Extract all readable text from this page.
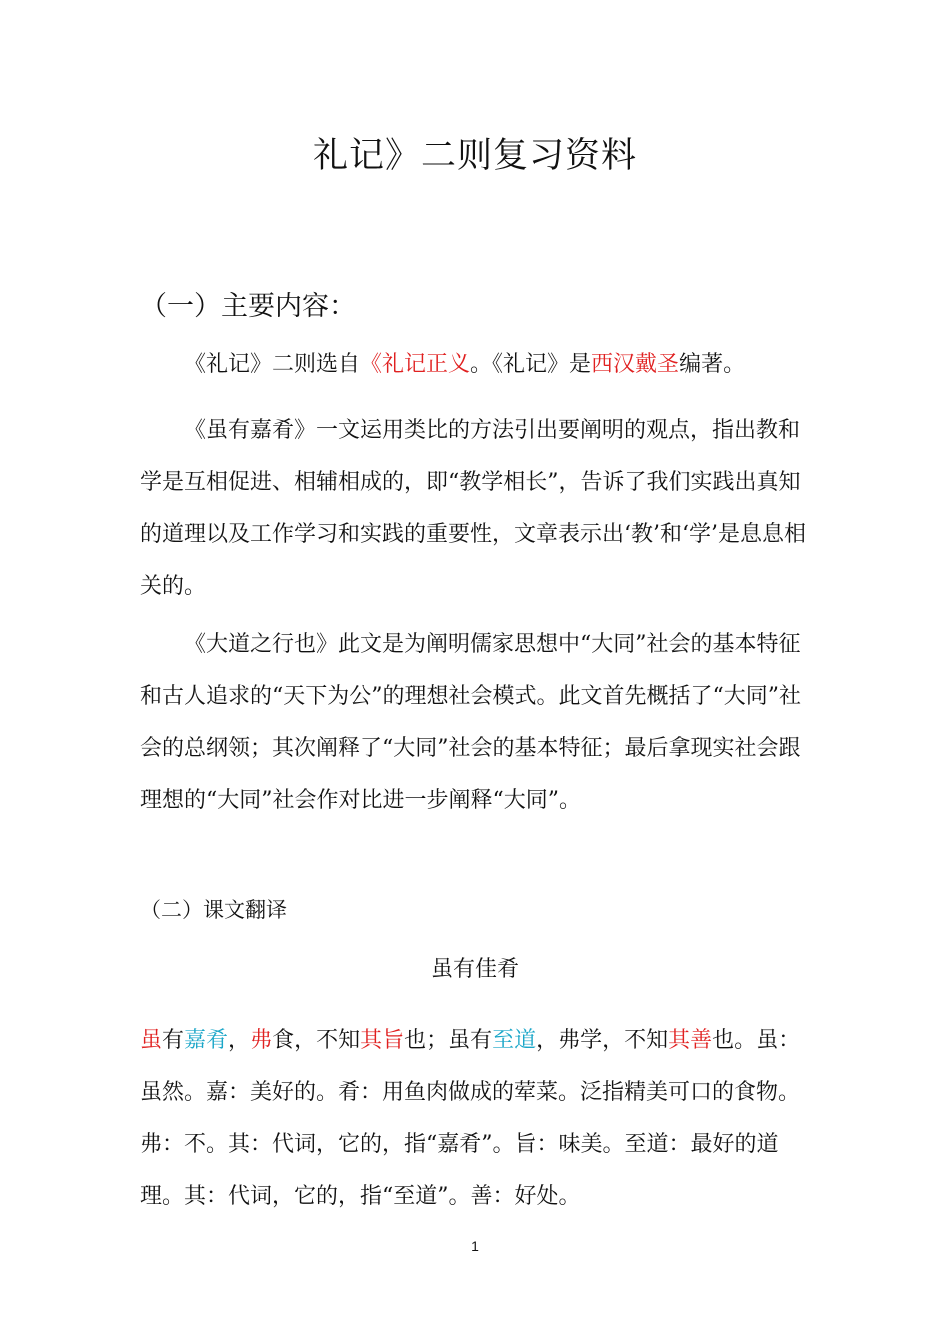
礼记》二则复习资料
（一）主要内容：

《礼记》二则选自《礼记正义。《礼记》是西汉戴圣编著。

《虽有嘉肴》一文运用类比的方法引出要阐明的观点，指出教和学是互相促进、相辅相成的，即“教学相长”，告诉了我们实践出真知的道理以及工作学习和实践的重要性，文章表示出‘教’和‘学’是息息相关的。

《大道之行也》此文是为阐明儒家思想中“大同”社会的基本特征和古人追求的“天下为公”的理想社会模式。此文首先概括了“大同”社会的总纲领；其次阐释了“大同”社会的基本特征；最后拿现实社会跟理想的“大同”社会作对比进一步阐释“大同”。

（二）课文翻译
虽有佳肴

虽有嘉肴，弗食，不知其旨也；虽有至道，弗学，不知其善也。虽：虽然。嘉：美好的。肴：用鱼肉做成的荤菜。泛指精美可口的食物。弗：不。其：代词，它的，指“嘉肴”。旨：味美。至道：最好的道理。其：代词，它的，指“至道”。善：好处。

1
